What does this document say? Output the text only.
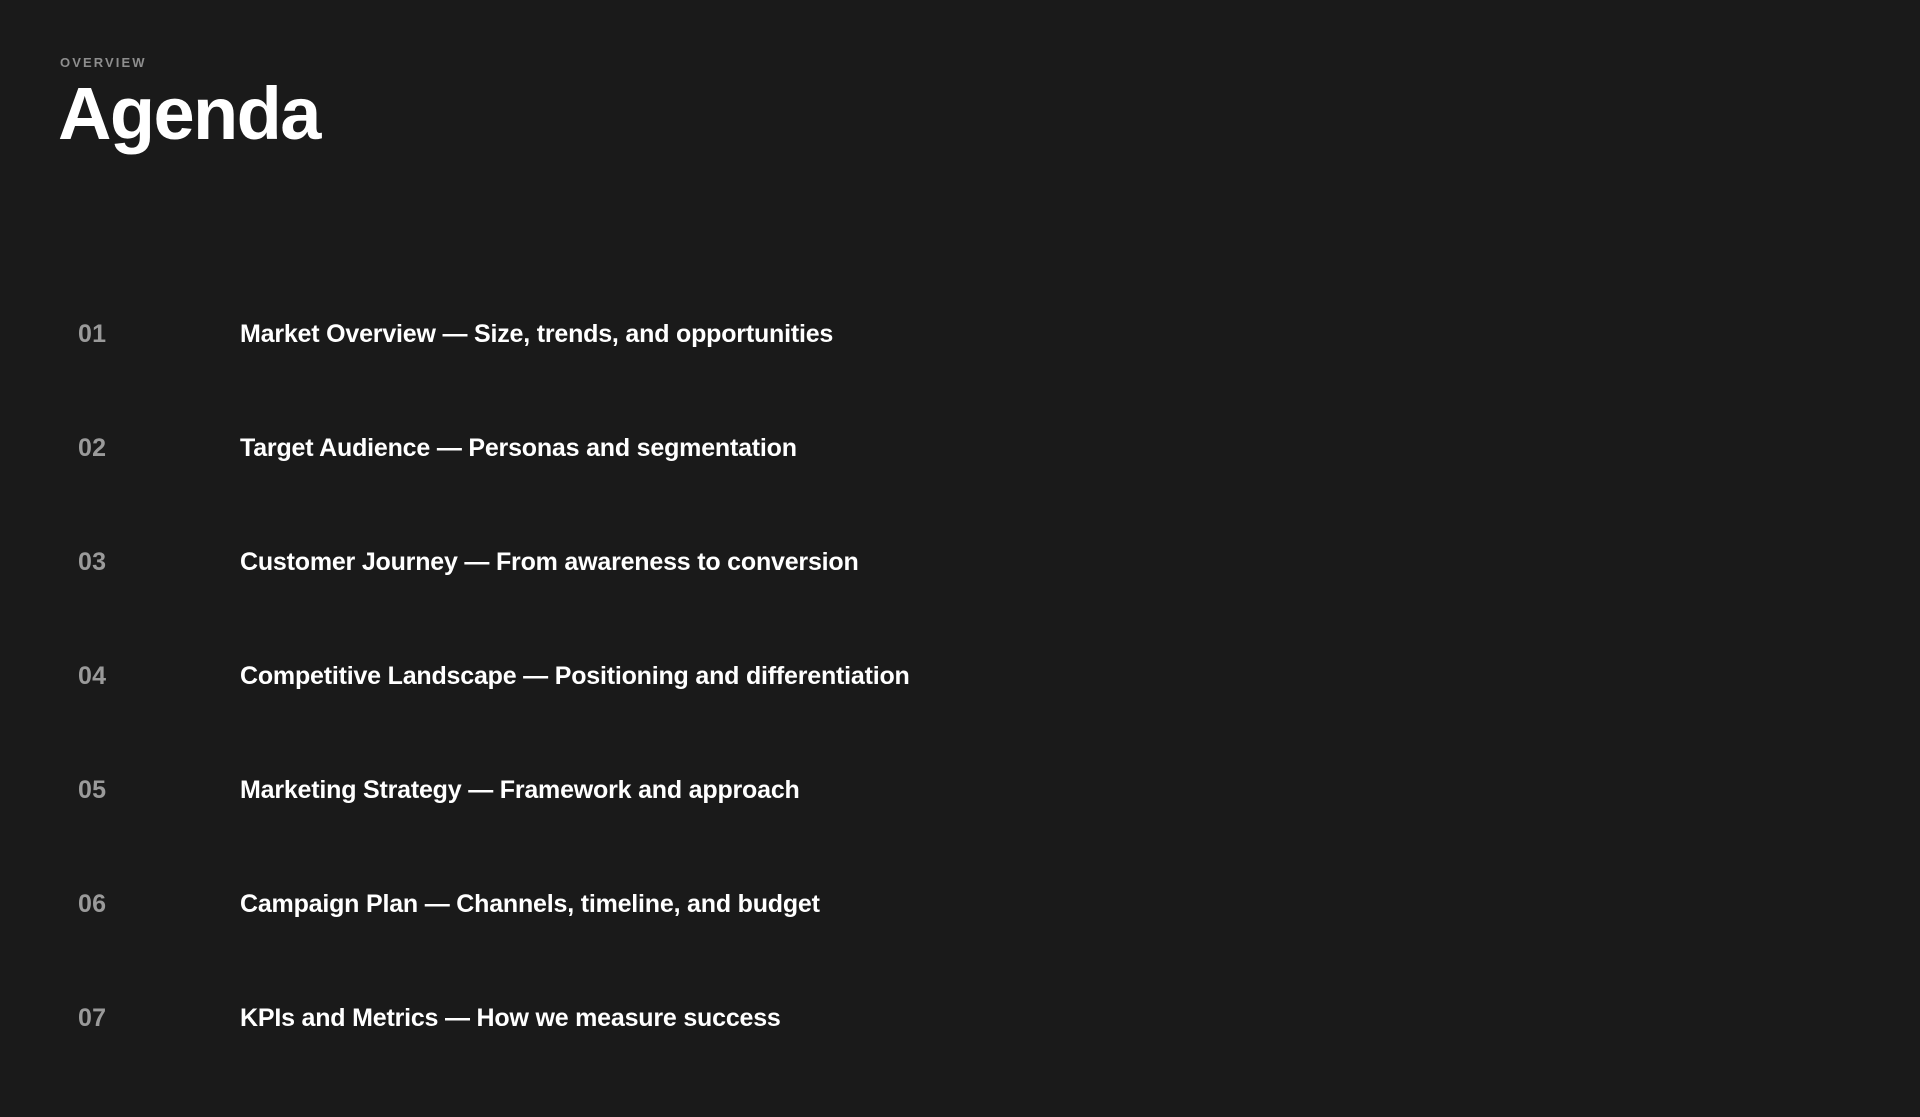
OVERVIEW
Agenda
01	Market Overview — Size, trends, and opportunities
02	Target Audience — Personas and segmentation
03	Customer Journey — From awareness to conversion
04	Competitive Landscape — Positioning and differentiation
05	Marketing Strategy — Framework and approach
06	Campaign Plan — Channels, timeline, and budget
07	KPIs and Metrics — How we measure success
